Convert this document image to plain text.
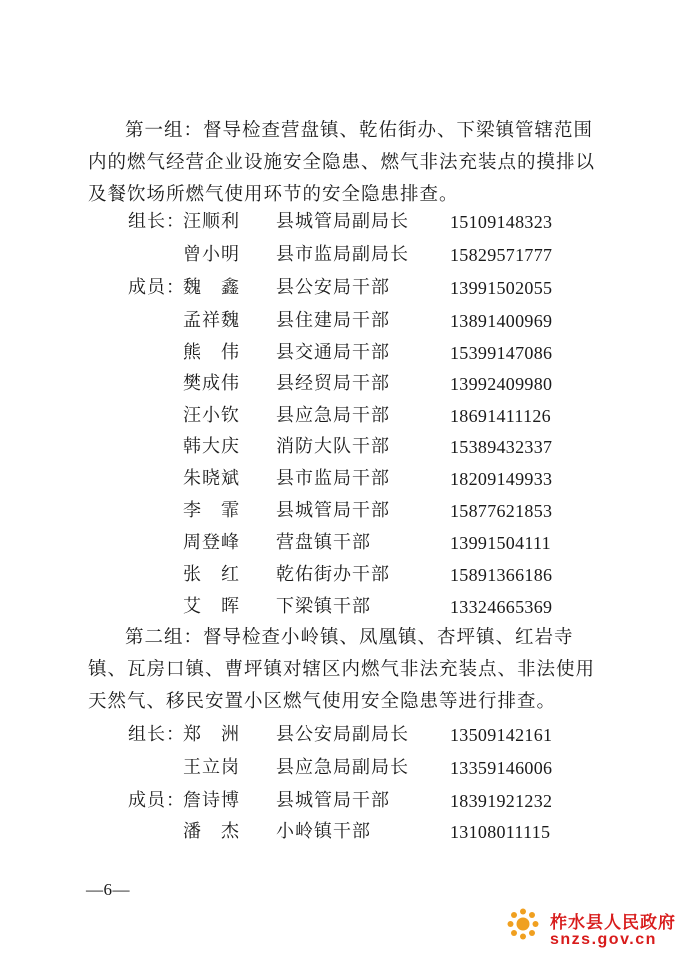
第一组：督导检查营盘镇、乾佑街办、下梁镇管辖范围内的燃气经营企业设施安全隐患、燃气非法充装点的摸排以及餐饮场所燃气使用环节的安全隐患排查。

组长：
汪顺利 县城管局副局长 15109148323
曾小明 县市监局副局长 15829571777
成员：
魏　鑫 县公安局干部	13991502055
孟祥魏 县住建局干部	13891400969
熊　伟 县交通局干部	15399147086
樊成伟 县经贸局干部	13992409980
汪小钦 县应急局干部	18691411126
韩大庆 消防大队干部	15389432337
朱晓斌 县市监局干部	18209149933
李　霏 县城管局干部	15877621853
周登峰 营盘镇干部	13991504111
张　红 乾佑街办干部	15891366186
艾　晖 下梁镇干部	13324665369

第二组：督导检查小岭镇、凤凰镇、杏坪镇、红岩寺镇、瓦房口镇、曹坪镇对辖区内燃气非法充装点、非法使用天然气、移民安置小区燃气使用安全隐患等进行排查。

组长：
郑　洲 县公安局副局长 13509142161
王立岗 县应急局副局长 13359146006
成员：
詹诗博 县城管局干部	18391921232
潘　杰 小岭镇干部	13108011115
—6—
柞水县人民政府
snzs.gov.cn
